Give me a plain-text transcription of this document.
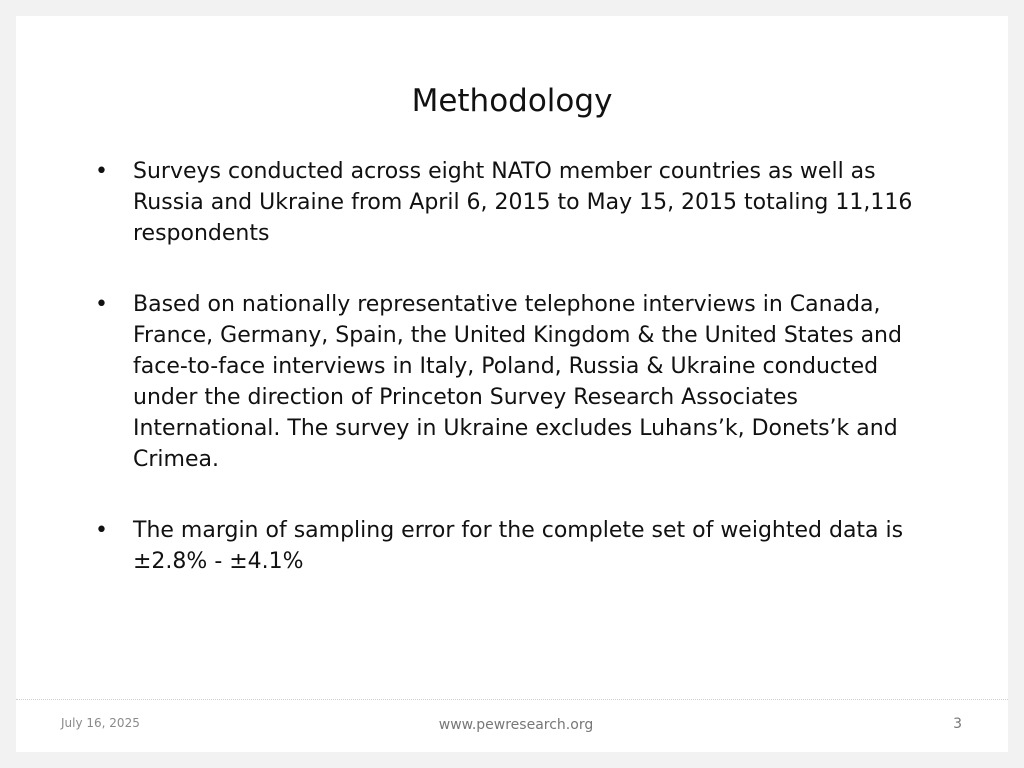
Methodology
• Surveys conducted across eight NATO member countries as well as Russia and Ukraine from April 6, 2015 to May 15, 2015 totaling 11,116 respondents
• Based on nationally representative telephone interviews in Canada, France, Germany, Spain, the United Kingdom & the United States and face-to-face interviews in Italy, Poland, Russia & Ukraine conducted under the direction of Princeton Survey Research Associates International. The survey in Ukraine excludes Luhans’k, Donets’k and Crimea.
• The margin of sampling error for the complete set of weighted data is ±2.8% - ±4.1%
July 16, 2025	www.pewresearch.org	3
